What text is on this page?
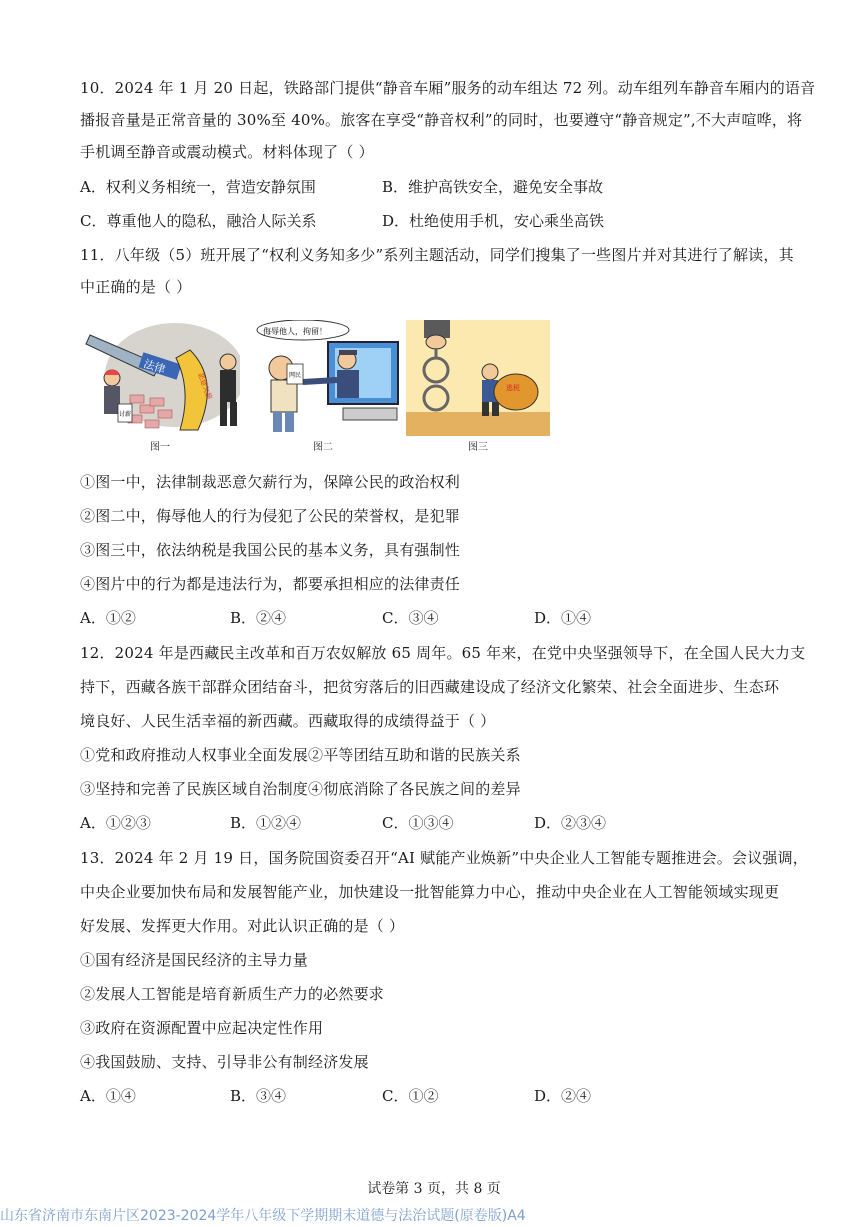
10．2024 年 1 月 20 日起，铁路部门提供“静音车厢”服务的动车组达 72 列。动车组列车静音车厢内的语音
播报音量是正常音量的 30%至 40%。旅客在享受“静音权利”的同时，也要遵守“静音规定”,不大声喧哗，将
手机调至静音或震动模式。材料体现了（ ）
A．权利义务相统一，营造安静氛围	B．维护高铁安全，避免安全事故
C．尊重他人的隐私，融洽人际关系	D．杜绝使用手机，安心乘坐高铁
11．八年级（5）班开展了“权利义务知多少”系列主题活动，同学们搜集了一些图片并对其进行了解读，其
中正确的是（ ）
法律
恶意欠薪
讨薪
图一
侮辱他人，拘留！
网民
图二
逃税
图三
①图一中，法律制裁恶意欠薪行为，保障公民的政治权利
②图二中，侮辱他人的行为侵犯了公民的荣誉权，是犯罪
③图三中，依法纳税是我国公民的基本义务，具有强制性
④图片中的行为都是违法行为，都要承担相应的法律责任
A．①②	B．②④	C．③④	D．①④
12．2024 年是西藏民主改革和百万农奴解放 65 周年。65 年来，在党中央坚强领导下，在全国人民大力支
持下，西藏各族干部群众团结奋斗，把贫穷落后的旧西藏建设成了经济文化繁荣、社会全面进步、生态环
境良好、人民生活幸福的新西藏。西藏取得的成绩得益于（ ）
①党和政府推动人权事业全面发展②平等团结互助和谐的民族关系
③坚持和完善了民族区域自治制度④彻底消除了各民族之间的差异
A．①②③	B．①②④	C．①③④	D．②③④
13．2024 年 2 月 19 日，国务院国资委召开“AI 赋能产业焕新”中央企业人工智能专题推进会。会议强调，
中央企业要加快布局和发展智能产业，加快建设一批智能算力中心，推动中央企业在人工智能领域实现更
好发展、发挥更大作用。对此认识正确的是（ ）
①国有经济是国民经济的主导力量
②发展人工智能是培育新质生产力的必然要求
③政府在资源配置中应起决定性作用
④我国鼓励、支持、引导非公有制经济发展
A．①④	B．③④	C．①②	D．②④
试卷第 3 页，共 8 页
山东省济南市东南片区2023-2024学年八年级下学期期末道德与法治试题(原卷版)A4
